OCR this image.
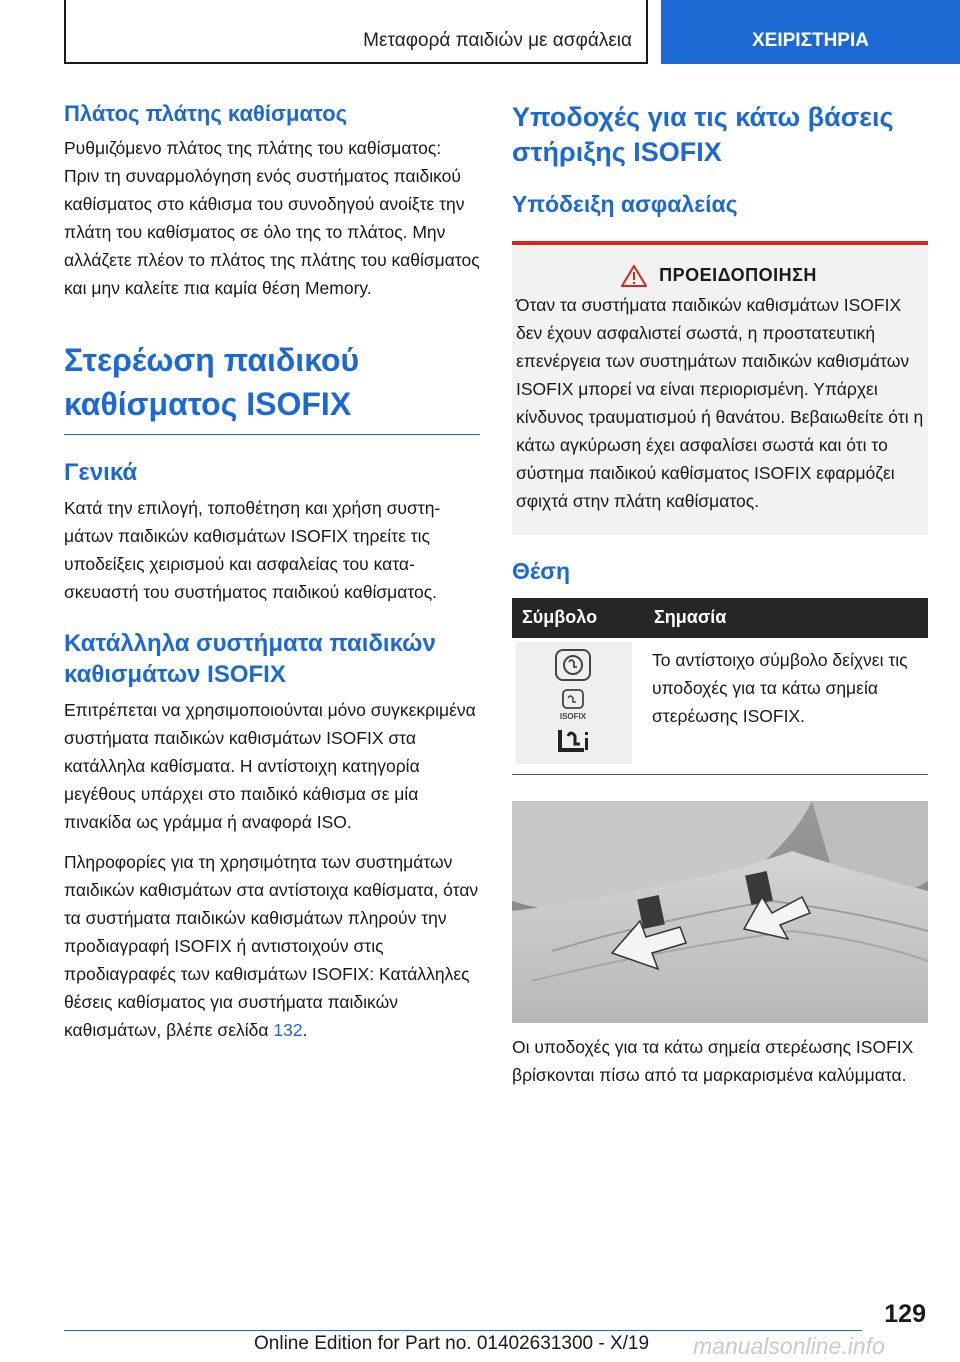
Μεταφορά παιδιών με ασφάλεια	ΧΕΙΡΙΣΤΗΡΙΑ
Πλάτος πλάτης καθίσματος

Ρυθμιζόμενο πλάτος της πλάτης του καθίσματος: Πριν τη συναρμολόγηση ενός συστήματος παιδικού καθίσματος στο κάθισμα του συνοδηγού ανοίξτε την πλάτη του καθίσματος σε όλο της το πλάτος. Μην αλλάζετε πλέον το πλάτος της πλάτης του καθίσματος και μην καλείτε πια καμία θέση Memory.

Στερέωση παιδικού καθίσματος ISOFIX
Γενικά

Κατά την επιλογή, τοποθέτηση και χρήση συστημάτων παιδικών καθισμάτων ISOFIX τηρείτε τις υποδείξεις χειρισμού και ασφαλείας του κατασκευαστή του συστήματος παιδικού καθίσματος.

Κατάλληλα συστήματα παιδικών καθισμάτων ISOFIX

Επιτρέπεται να χρησιμοποιούνται μόνο συγκεκριμένα συστήματα παιδικών καθισμάτων ISOFIX στα κατάλληλα καθίσματα. Η αντίστοιχη κατηγορία μεγέθους υπάρχει στο παιδικό κάθισμα σε μία πινακίδα ως γράμμα ή αναφορά ISO.

Πληροφορίες για τη χρησιμότητα των συστημάτων παιδικών καθισμάτων στα αντίστοιχα καθίσματα, όταν τα συστήματα παιδικών καθισμάτων πληρούν την προδιαγραφή ISOFIX ή αντιστοιχούν στις προδιαγραφές των καθισμάτων ISOFIX: Κατάλληλες θέσεις καθίσματος για συστήματα παιδικών καθισμάτων, βλέπε σελίδα 132.

Υποδοχές για τις κάτω βάσεις στήριξης ISOFIX
Υπόδειξη ασφαλείας
ΠΡΟΕΙΔΟΠΟΙΗΣΗ

Όταν τα συστήματα παιδικών καθισμάτων ISOFIX δεν έχουν ασφαλιστεί σωστά, η προστατευτική επενέργεια των συστημάτων παιδικών καθισμάτων ISOFIX μπορεί να είναι περιορισμένη. Υπάρχει κίνδυνος τραυματισμού ή θανάτου. Βεβαιωθείτε ότι η κάτω αγκύρωση έχει ασφαλίσει σωστά και ότι το σύστημα παιδικού καθίσματος ISOFIX εφαρμόζει σφιχτά στην πλάτη καθίσματος.

Θέση
Σύμβολο	Σημασία

ISOFIX	Το αντίστοιχο σύμβολο δείχνει τις υποδοχές για τα κάτω σημεία στερέωσης ISOFIX.

Οι υποδοχές για τα κάτω σημεία στερέωσης ISOFIX βρίσκονται πίσω από τα μαρκαρισμένα καλύμματα.

129
Online Edition for Part no. 01402631300 - X/19 manualsonline.info
